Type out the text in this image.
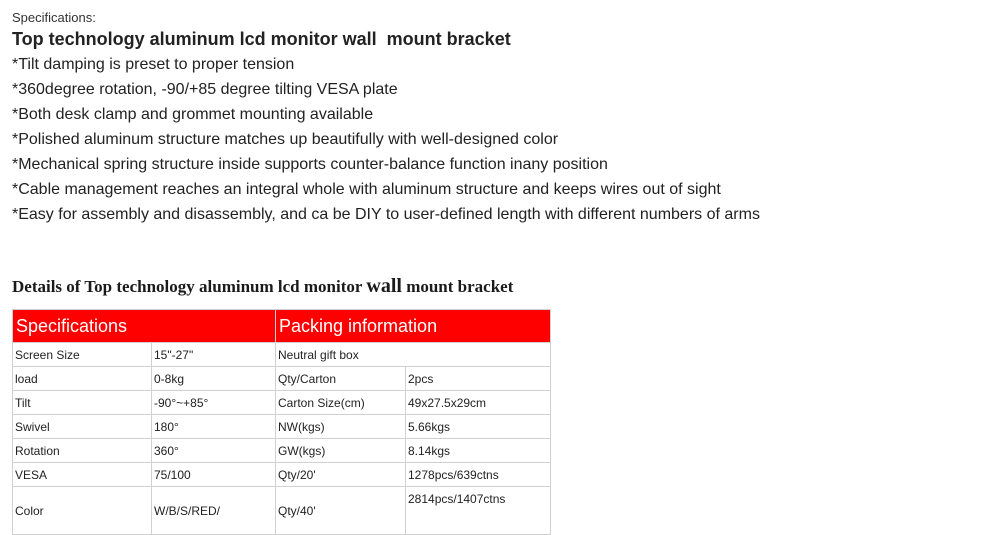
Specifications:

Top technology aluminum lcd monitor wall  mount bracket
*Tilt damping is preset to proper tension
*360degree rotation, -90/+85 degree tilting VESA plate
*Both desk clamp and grommet mounting available
*Polished aluminum structure matches up beautifully with well-designed color
*Mechanical spring structure inside supports counter-balance function inany position
*Cable management reaches an integral whole with aluminum structure and keeps wires out of sight
*Easy for assembly and disassembly, and ca be DIY to user-defined length with different numbers of arms
Details of Top technology aluminum lcd monitor wall mount bracket
Specifications		Packing information	
Screen Size	15"-27"	Neutral gift box	
load	0-8kg	Qty/Carton	2pcs
Tilt	-90°~+85°	Carton Size(cm)	49x27.5x29cm
Swivel	180°	NW(kgs)	5.66kgs
Rotation	360°	GW(kgs)	8.14kgs
VESA	75/100	Qty/20'	1278pcs/639ctns
Color	W/B/S/RED/	Qty/40'	2814pcs/1407ctns
